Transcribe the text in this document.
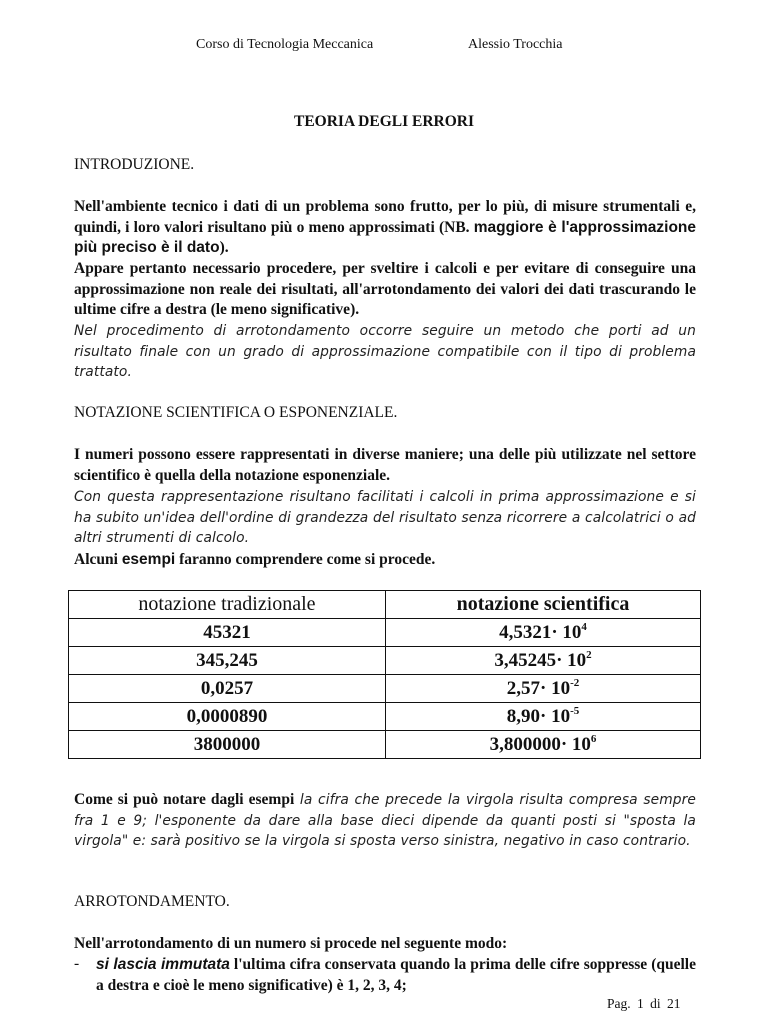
Corso di Tecnologia Meccanica	Alessio Trocchia
TEORIA DEGLI ERRORI
INTRODUZIONE.
Nell'ambiente tecnico i dati di un problema sono frutto, per lo più, di misure strumentali e, quindi, i loro valori risultano più o meno approssimati (NB. maggiore è l'approssimazione più preciso è il dato).
Appare pertanto necessario procedere, per sveltire i calcoli e per evitare di conseguire una approssimazione non reale dei risultati, all'arrotondamento dei valori dei dati trascurando le ultime cifre a destra (le meno significative).
Nel procedimento di arrotondamento occorre seguire un metodo che porti ad un risultato finale con un grado di approssimazione compatibile con il tipo di problema trattato.
NOTAZIONE SCIENTIFICA O ESPONENZIALE.
I numeri possono essere rappresentati in diverse maniere; una delle più utilizzate nel settore scientifico è quella della notazione esponenziale.
Con questa rappresentazione risultano facilitati i calcoli in prima approssimazione e si ha subito un'idea dell'ordine di grandezza del risultato senza ricorrere a calcolatrici o ad altri strumenti di calcolo.
Alcuni esempi faranno comprendere come si procede.
notazione tradizionale	notazione scientifica
45321	$4,5321\cdot 10^4$
345,245	$3,45245\cdot 10^2$
0,0257	$2,57\cdot 10^{-2}$
0,0000890	$8,90\cdot 10^{-5}$
3800000	$3,800000\cdot 10^6$
Come si può notare dagli esempi la cifra che precede la virgola risulta compresa sempre fra 1 e 9; l'esponente da dare alla base dieci dipende da quanti posti si "sposta la virgola" e: sarà positivo se la virgola si sposta verso sinistra, negativo in caso contrario.
ARROTONDAMENTO.
Nell'arrotondamento di un numero si procede nel seguente modo:
- si lascia immutata l'ultima cifra conservata quando la prima delle cifre soppresse (quelle a destra e cioè le meno significative) è 1, 2, 3, 4;
Pag. 1 di 21
